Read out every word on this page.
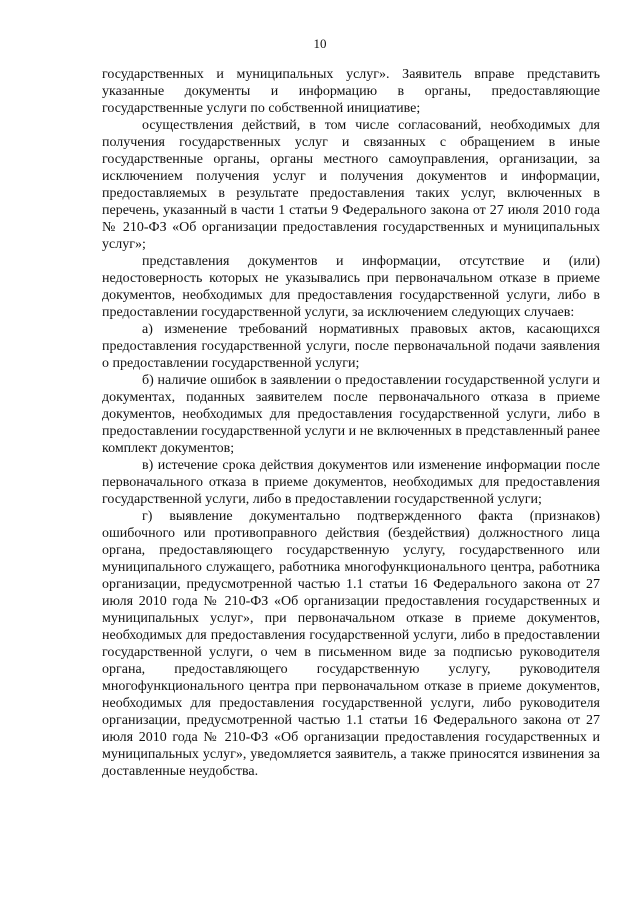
10

государственных и муниципальных услуг». Заявитель вправе представить указанные документы и информацию в органы, предоставляющие государственные услуги по собственной инициативе;

осуществления действий, в том числе согласований, необходимых для получения государственных услуг и связанных с обращением в иные государственные органы, органы местного самоуправления, организации, за исключением получения услуг и получения документов и информации, предоставляемых в результате предоставления таких услуг, включенных в перечень, указанный в части 1 статьи 9 Федерального закона от 27 июля 2010 года № 210-ФЗ «Об организации предоставления государственных и муниципальных услуг»;

представления документов и информации, отсутствие и (или) недостоверность которых не указывались при первоначальном отказе в приеме документов, необходимых для предоставления государственной услуги, либо в предоставлении государственной услуги, за исключением следующих случаев:

а) изменение требований нормативных правовых актов, касающихся предоставления государственной услуги, после первоначальной подачи заявления о предоставлении государственной услуги;

б) наличие ошибок в заявлении о предоставлении государственной услуги и документах, поданных заявителем после первоначального отказа в приеме документов, необходимых для предоставления государственной услуги, либо в предоставлении государственной услуги и не включенных в представленный ранее комплект документов;

в) истечение срока действия документов или изменение информации после первоначального отказа в приеме документов, необходимых для предоставления государственной услуги, либо в предоставлении государственной услуги;

г) выявление документально подтвержденного факта (признаков) ошибочного или противоправного действия (бездействия) должностного лица органа, предоставляющего государственную услугу, государственного или муниципального служащего, работника многофункционального центра, работника организации, предусмотренной частью 1.1 статьи 16 Федерального закона от 27 июля 2010 года № 210-ФЗ «Об организации предоставления государственных и муниципальных услуг», при первоначальном отказе в приеме документов, необходимых для предоставления государственной услуги, либо в предоставлении государственной услуги, о чем в письменном виде за подписью руководителя органа, предоставляющего государственную услугу, руководителя многофункционального центра при первоначальном отказе в приеме документов, необходимых для предоставления государственной услуги, либо руководителя организации, предусмотренной частью 1.1 статьи 16 Федерального закона от 27 июля 2010 года № 210-ФЗ «Об организации предоставления государственных и муниципальных услуг», уведомляется заявитель, а также приносятся извинения за доставленные неудобства.
